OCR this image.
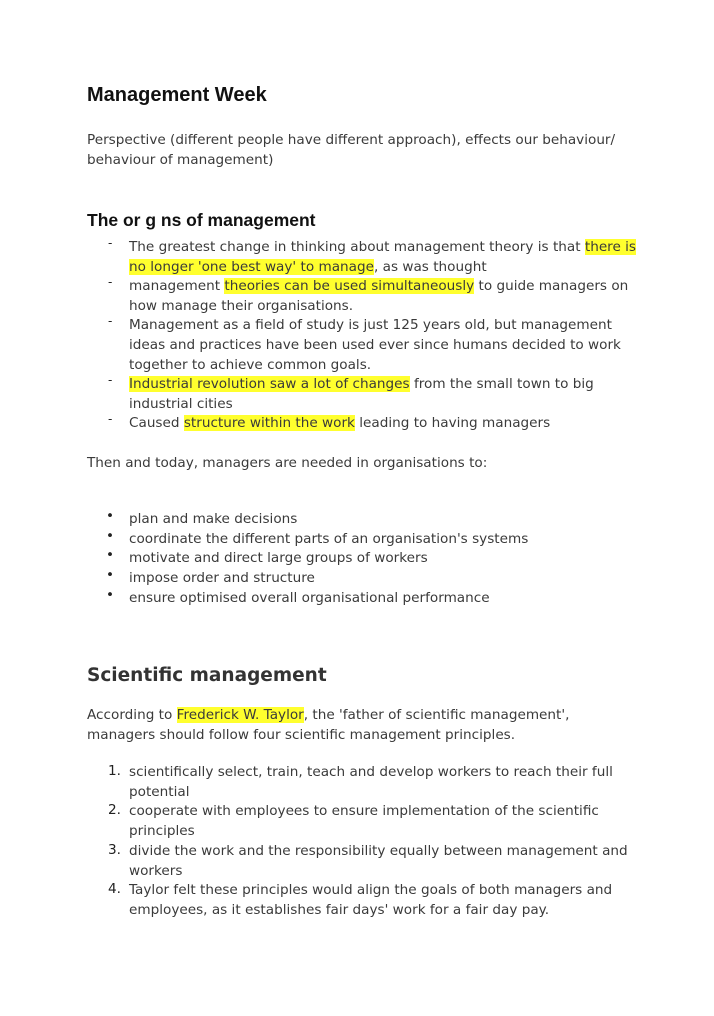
Management Week
Perspective (different people have different approach), effects our behaviour/
behaviour of management)
The or g ns of management
- The greatest change in thinking about management theory is that there is
no longer 'one best way' to manage, as was thought
- management theories can be used simultaneously to guide managers on
how manage their organisations.
- Management as a field of study is just 125 years old, but management
ideas and practices have been used ever since humans decided to work
together to achieve common goals.
- Industrial revolution saw a lot of changes from the small town to big
industrial cities
- Caused structure within the work leading to having managers
Then and today, managers are needed in organisations to:
• plan and make decisions
• coordinate the different parts of an organisation's systems
• motivate and direct large groups of workers
• impose order and structure
• ensure optimised overall organisational performance
Scientiﬁc management
According to Frederick W. Taylor, the 'father of scientific management',
managers should follow four scientific management principles.
1. scientifically select, train, teach and develop workers to reach their full
potential
2. cooperate with employees to ensure implementation of the scientific
principles
3. divide the work and the responsibility equally between management and
workers
4. Taylor felt these principles would align the goals of both managers and
employees, as it establishes fair days' work for a fair day pay.
